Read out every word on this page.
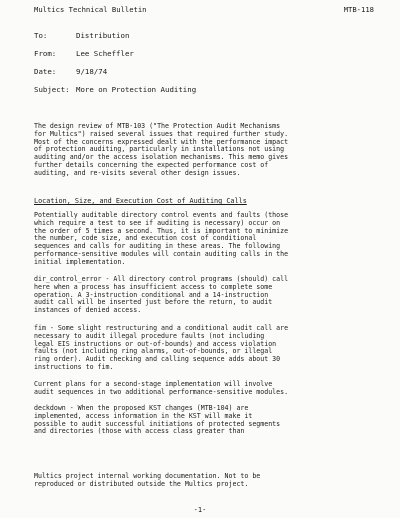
Multics Technical Bulletin	MTB-118
To:	Distribution
From:	Lee Scheffler
Date:	9/18/74
Subject: More on Protection Auditing
The design review of MTB-103 ("The Protection Audit Mechanisms
for Multics") raised several issues that required further study.
Most of the concerns expressed dealt with the performance impact
of protection auditing, particularly in installations not using
auditing and/or the access isolation mechanisms. This memo gives
further details concerning the expected performance cost of
auditing, and re-visits several other design issues.
Location, Size, and Execution Cost of Auditing Calls
Potentially auditable directory control events and faults (those
which require a test to see if auditing is necessary) occur on
the order of 5 times a second. Thus, it is important to minimize
the number, code size, and execution cost of conditional
sequences and calls for auditing in these areas. The following
performance-sensitive modules will contain auditing calls in the
initial implementation.
dir_control_error - All directory control programs (should) call
here when a process has insufficient access to complete some
operation. A 3-instruction conditional and a 14-instruction
audit call will be inserted just before the return, to audit
instances of denied access.
fim - Some slight restructuring and a conditional audit call are
necessary to audit illegal procedure faults (not including
legal EIS instructions or out-of-bounds) and access violation
faults (not including ring alarms, out-of-bounds, or illegal
ring order). Audit checking and calling sequence adds about 30
instructions to fim.
Current plans for a second-stage implementation will involve
audit sequences in two additional performance-sensitive modules.
deckdown - When the proposed KST changes (MTB-104) are
implemented, access information in the KST will make it
possible to audit successful initiations of protected segments
and directories (those with access class greater than
Multics project internal working documentation. Not to be
reproduced or distributed outside the Multics project.
-1-
